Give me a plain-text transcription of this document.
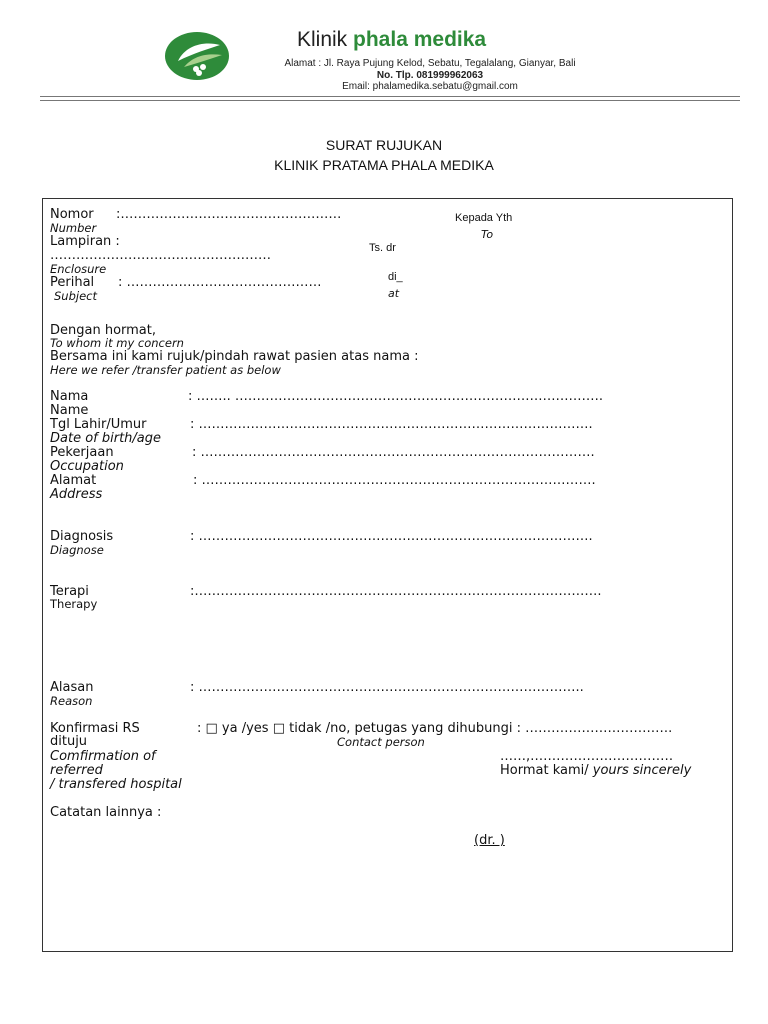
Klinik phala medika
Alamat : Jl. Raya Pujung Kelod, Sebatu, Tegalalang, Gianyar, Bali
No. Tlp. 081999962063
Email: phalamedika.sebatu@gmail.com
SURAT RUJUKAN
KLINIK PRATAMA PHALA MEDIKA
Nomor :……………………………………………
Number
Lampiran :
……………………………………………
Enclosure
Perihal : ………………………………………
Subject
Kepada Yth
To
Ts. dr
di_
at
Dengan hormat,
To whom it my concern
Bersama ini kami rujuk/pindah rawat pasien atas nama :
Here we refer /transfer patient as below
Nama	: …….. ………………………………………………………………………….
Name
Tgl Lahir/Umur	: ……………………………………………………………………………….
Date of birth/age
Pekerjaan	: ……………………………………………………………………………….
Occupation
Alamat	: ……………………………………………………………………………….
Address
Diagnosis	: ……………………………………………………………………………….
Diagnose
Terapi	:………………………………………………………………………………….
Therapy
Alasan	: ……………………………………………………………………………..
Reason
Konfirmasi RS
dituju
: □ ya /yes □ tidak /no, petugas yang dihubungi : …………………………….
Contact person
Comfirmation of
referred
/ transfered hospital
……,……………………………
Hormat kami/ yours sincerely
Catatan lainnya :
(dr. )
